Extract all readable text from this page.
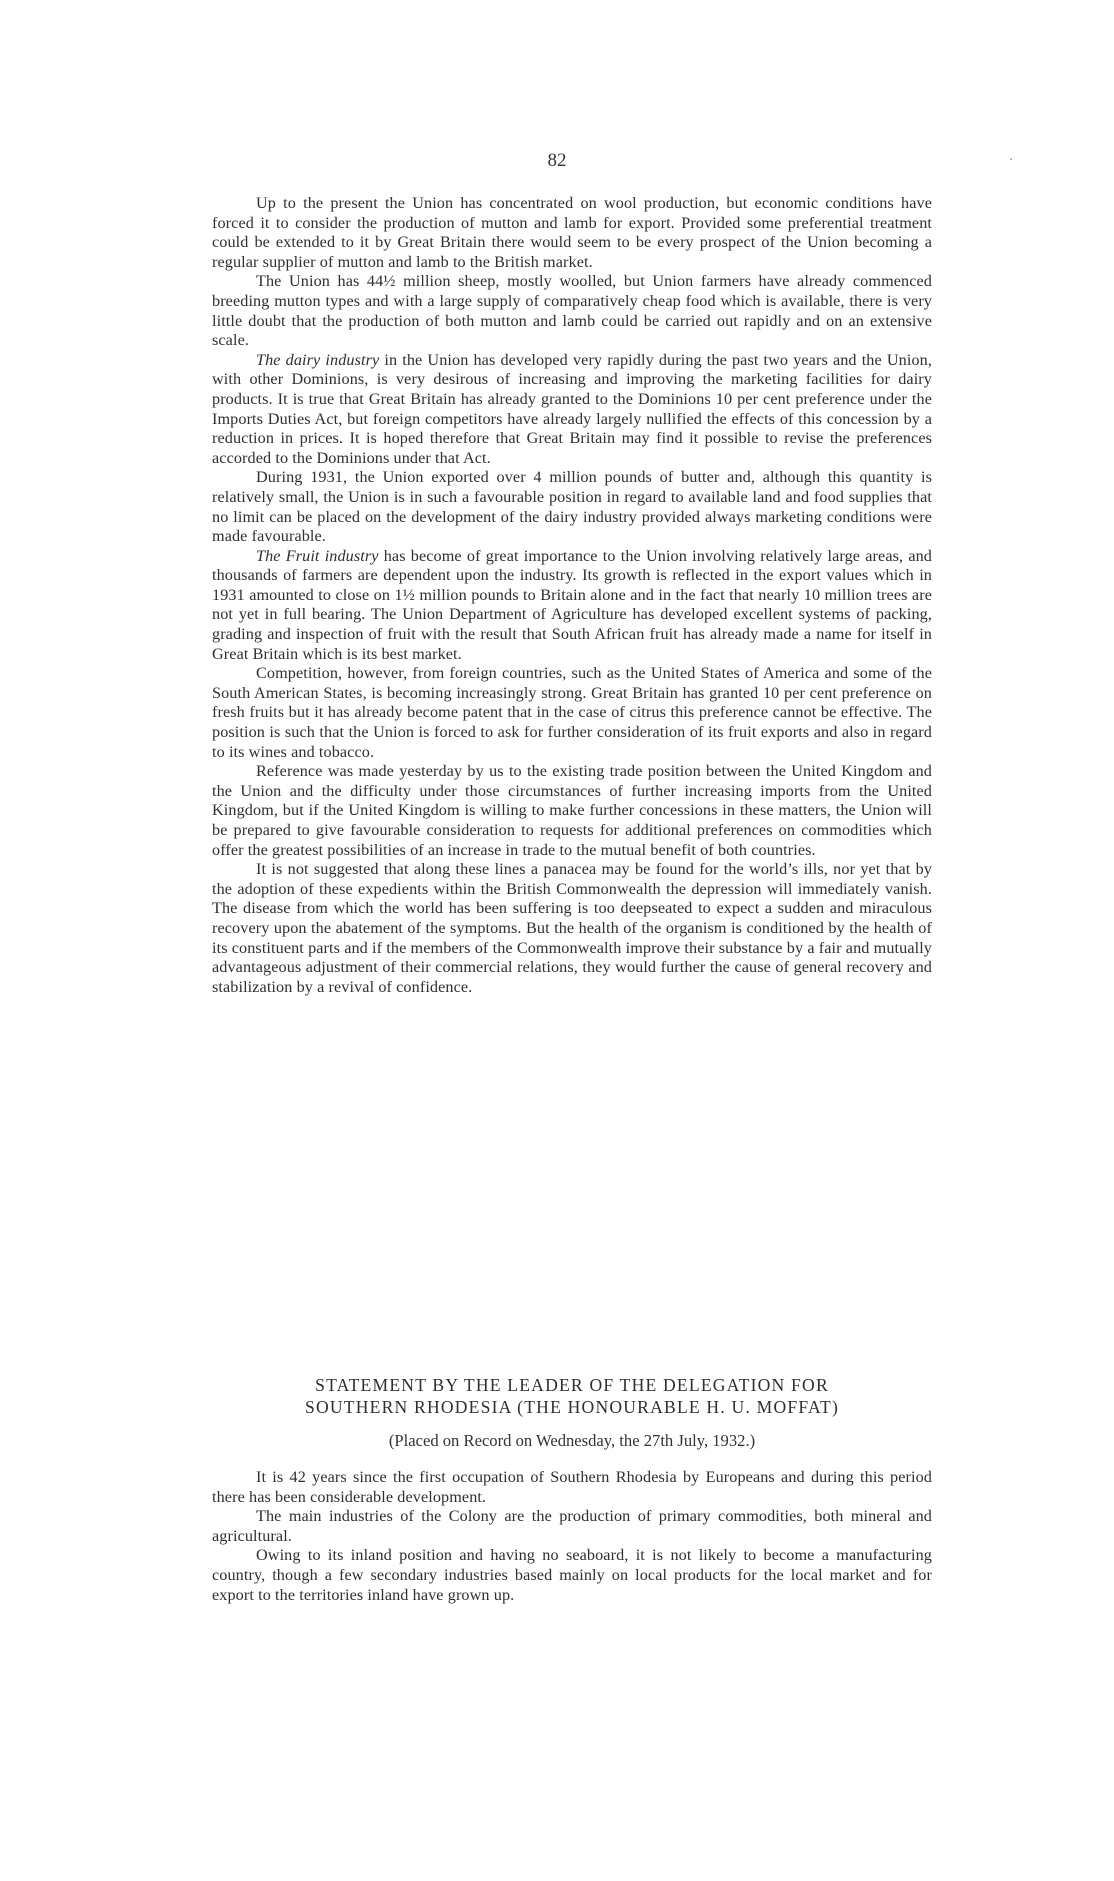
82

Up to the present the Union has concentrated on wool production, but economic conditions have forced it to consider the production of mutton and lamb for export. Provided some preferential treatment could be extended to it by Great Britain there would seem to be every prospect of the Union becoming a regular supplier of mutton and lamb to the British market.

The Union has 44½ million sheep, mostly woolled, but Union farmers have already commenced breeding mutton types and with a large supply of comparatively cheap food which is available, there is very little doubt that the production of both mutton and lamb could be carried out rapidly and on an extensive scale.

The dairy industry in the Union has developed very rapidly during the past two years and the Union, with other Dominions, is very desirous of increasing and improving the marketing facilities for dairy products. It is true that Great Britain has already granted to the Dominions 10 per cent preference under the Imports Duties Act, but foreign competitors have already largely nullified the effects of this concession by a reduction in prices. It is hoped therefore that Great Britain may find it possible to revise the preferences accorded to the Dominions under that Act.

During 1931, the Union exported over 4 million pounds of butter and, although this quantity is relatively small, the Union is in such a favourable position in regard to available land and food supplies that no limit can be placed on the development of the dairy industry provided always marketing conditions were made favourable.

The Fruit industry has become of great importance to the Union involving relatively large areas, and thousands of farmers are dependent upon the industry. Its growth is reflected in the export values which in 1931 amounted to close on 1½ million pounds to Britain alone and in the fact that nearly 10 million trees are not yet in full bearing. The Union Department of Agriculture has developed excellent systems of packing, grading and inspection of fruit with the result that South African fruit has already made a name for itself in Great Britain which is its best market.

Competition, however, from foreign countries, such as the United States of America and some of the South American States, is becoming increasingly strong. Great Britain has granted 10 per cent preference on fresh fruits but it has already become patent that in the case of citrus this preference cannot be effective. The position is such that the Union is forced to ask for further consideration of its fruit exports and also in regard to its wines and tobacco.

Reference was made yesterday by us to the existing trade position between the United Kingdom and the Union and the difficulty under those circumstances of further increasing imports from the United Kingdom, but if the United Kingdom is willing to make further concessions in these matters, the Union will be prepared to give favourable consideration to requests for additional preferences on commodities which offer the greatest possibilities of an increase in trade to the mutual benefit of both countries.

It is not suggested that along these lines a panacea may be found for the world’s ills, nor yet that by the adoption of these expedients within the British Commonwealth the depression will immediately vanish. The disease from which the world has been suffering is too deepseated to expect a sudden and miraculous recovery upon the abatement of the symptoms. But the health of the organism is conditioned by the health of its constituent parts and if the members of the Commonwealth improve their substance by a fair and mutually advantageous adjustment of their commercial relations, they would further the cause of general recovery and stabilization by a revival of confidence.

STATEMENT BY THE LEADER OF THE DELEGATION FOR
SOUTHERN RHODESIA (THE HONOURABLE H. U. MOFFAT)
(Placed on Record on Wednesday, the 27th July, 1932.)

It is 42 years since the first occupation of Southern Rhodesia by Europeans and during this period there has been considerable development.

The main industries of the Colony are the production of primary commodities, both mineral and agricultural.

Owing to its inland position and having no seaboard, it is not likely to become a manufacturing country, though a few secondary industries based mainly on local products for the local market and for export to the territories inland have grown up.
